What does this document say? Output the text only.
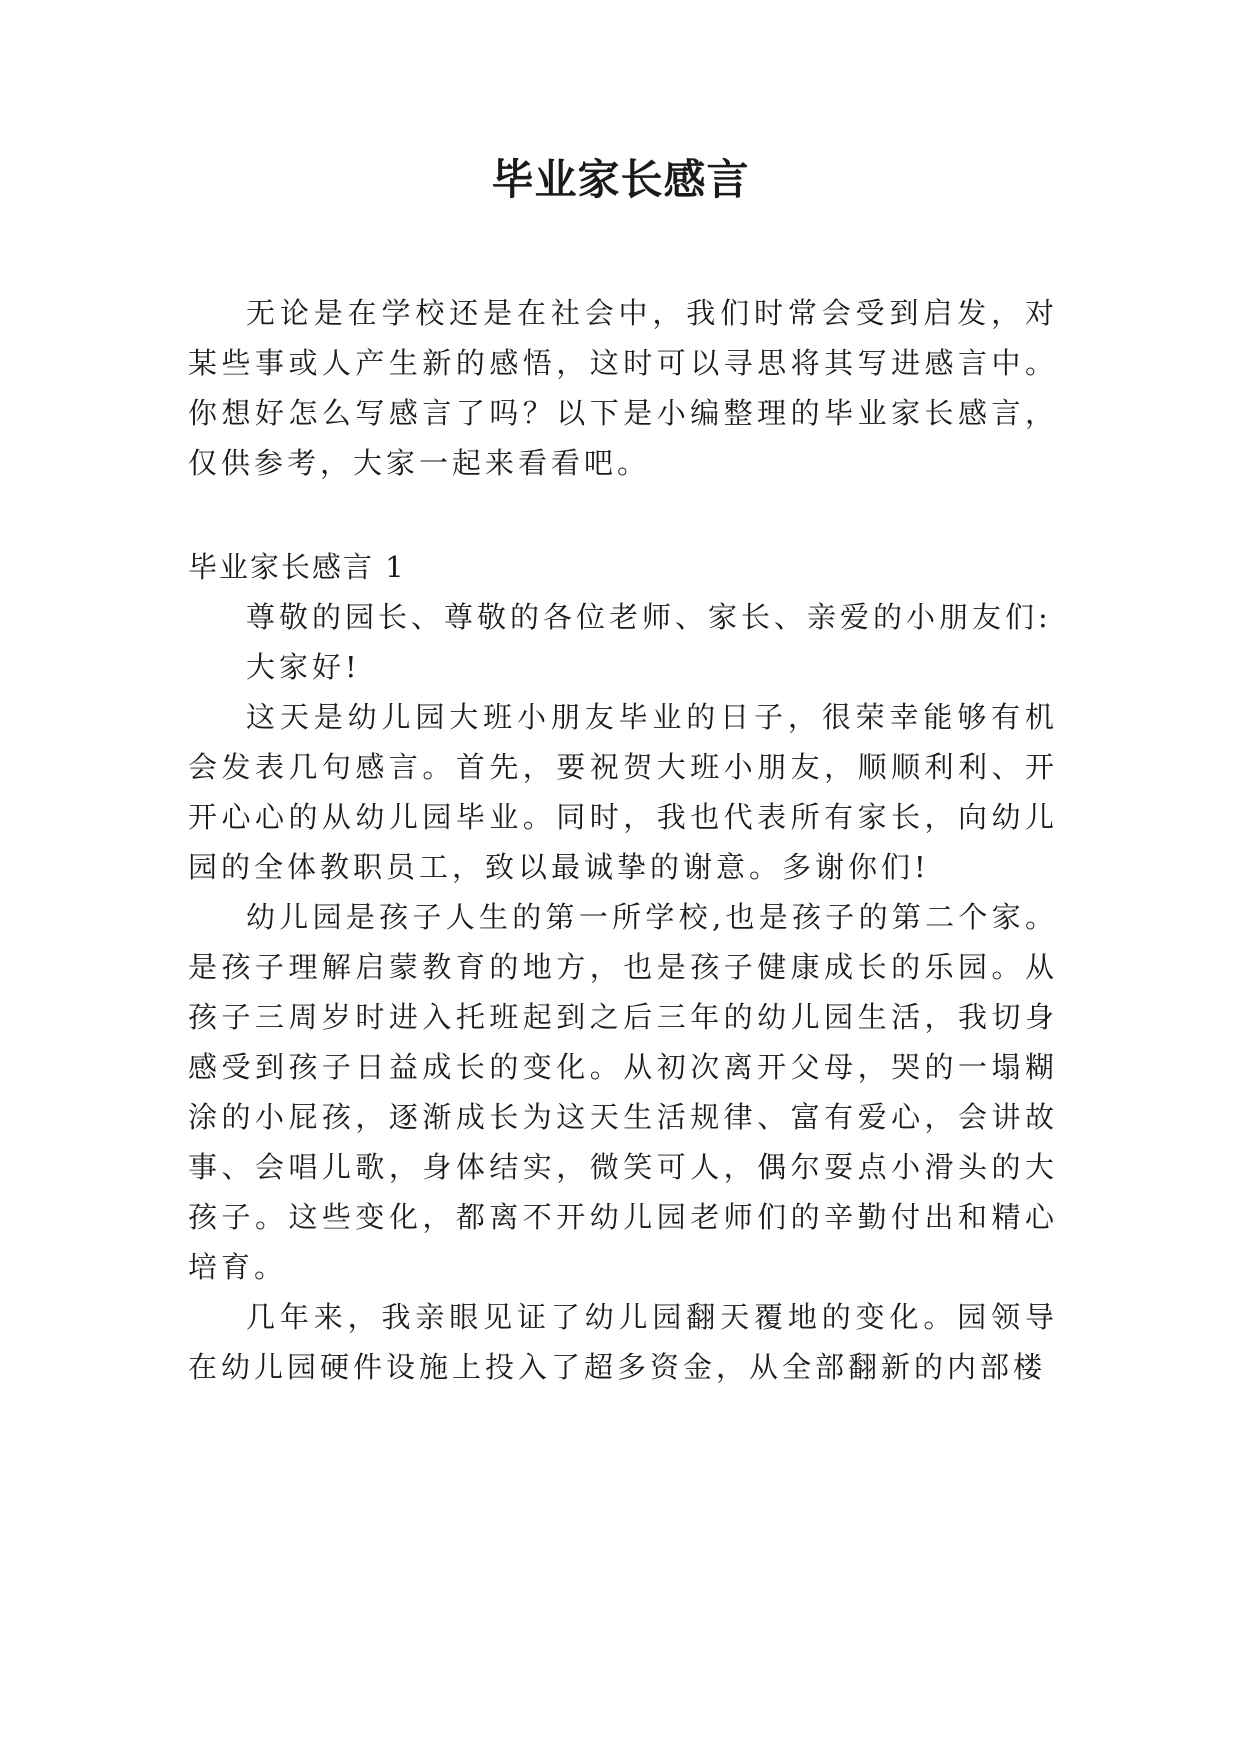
毕业家长感言

无论是在学校还是在社会中，我们时常会受到启发，对某些事或人产生新的感悟，这时可以寻思将其写进感言中。你想好怎么写感言了吗？以下是小编整理的毕业家长感言，仅供参考，大家一起来看看吧。

毕业家长感言 1

尊敬的园长、尊敬的各位老师、家长、亲爱的小朋友们:

大家好!

这天是幼儿园大班小朋友毕业的日子，很荣幸能够有机会发表几句感言。首先，要祝贺大班小朋友，顺顺利利、开开心心的从幼儿园毕业。同时，我也代表所有家长，向幼儿园的全体教职员工，致以最诚挚的谢意。多谢你们!

幼儿园是孩子人生的第一所学校,也是孩子的第二个家。是孩子理解启蒙教育的地方，也是孩子健康成长的乐园。从孩子三周岁时进入托班起到之后三年的幼儿园生活，我切身感受到孩子日益成长的变化。从初次离开父母，哭的一塌糊涂的小屁孩，逐渐成长为这天生活规律、富有爱心，会讲故事、会唱儿歌，身体结实，微笑可人，偶尔耍点小滑头的大孩子。这些变化，都离不开幼儿园老师们的辛勤付出和精心培育。

几年来，我亲眼见证了幼儿园翻天覆地的变化。园领导在幼儿园硬件设施上投入了超多资金，从全部翻新的内部楼
